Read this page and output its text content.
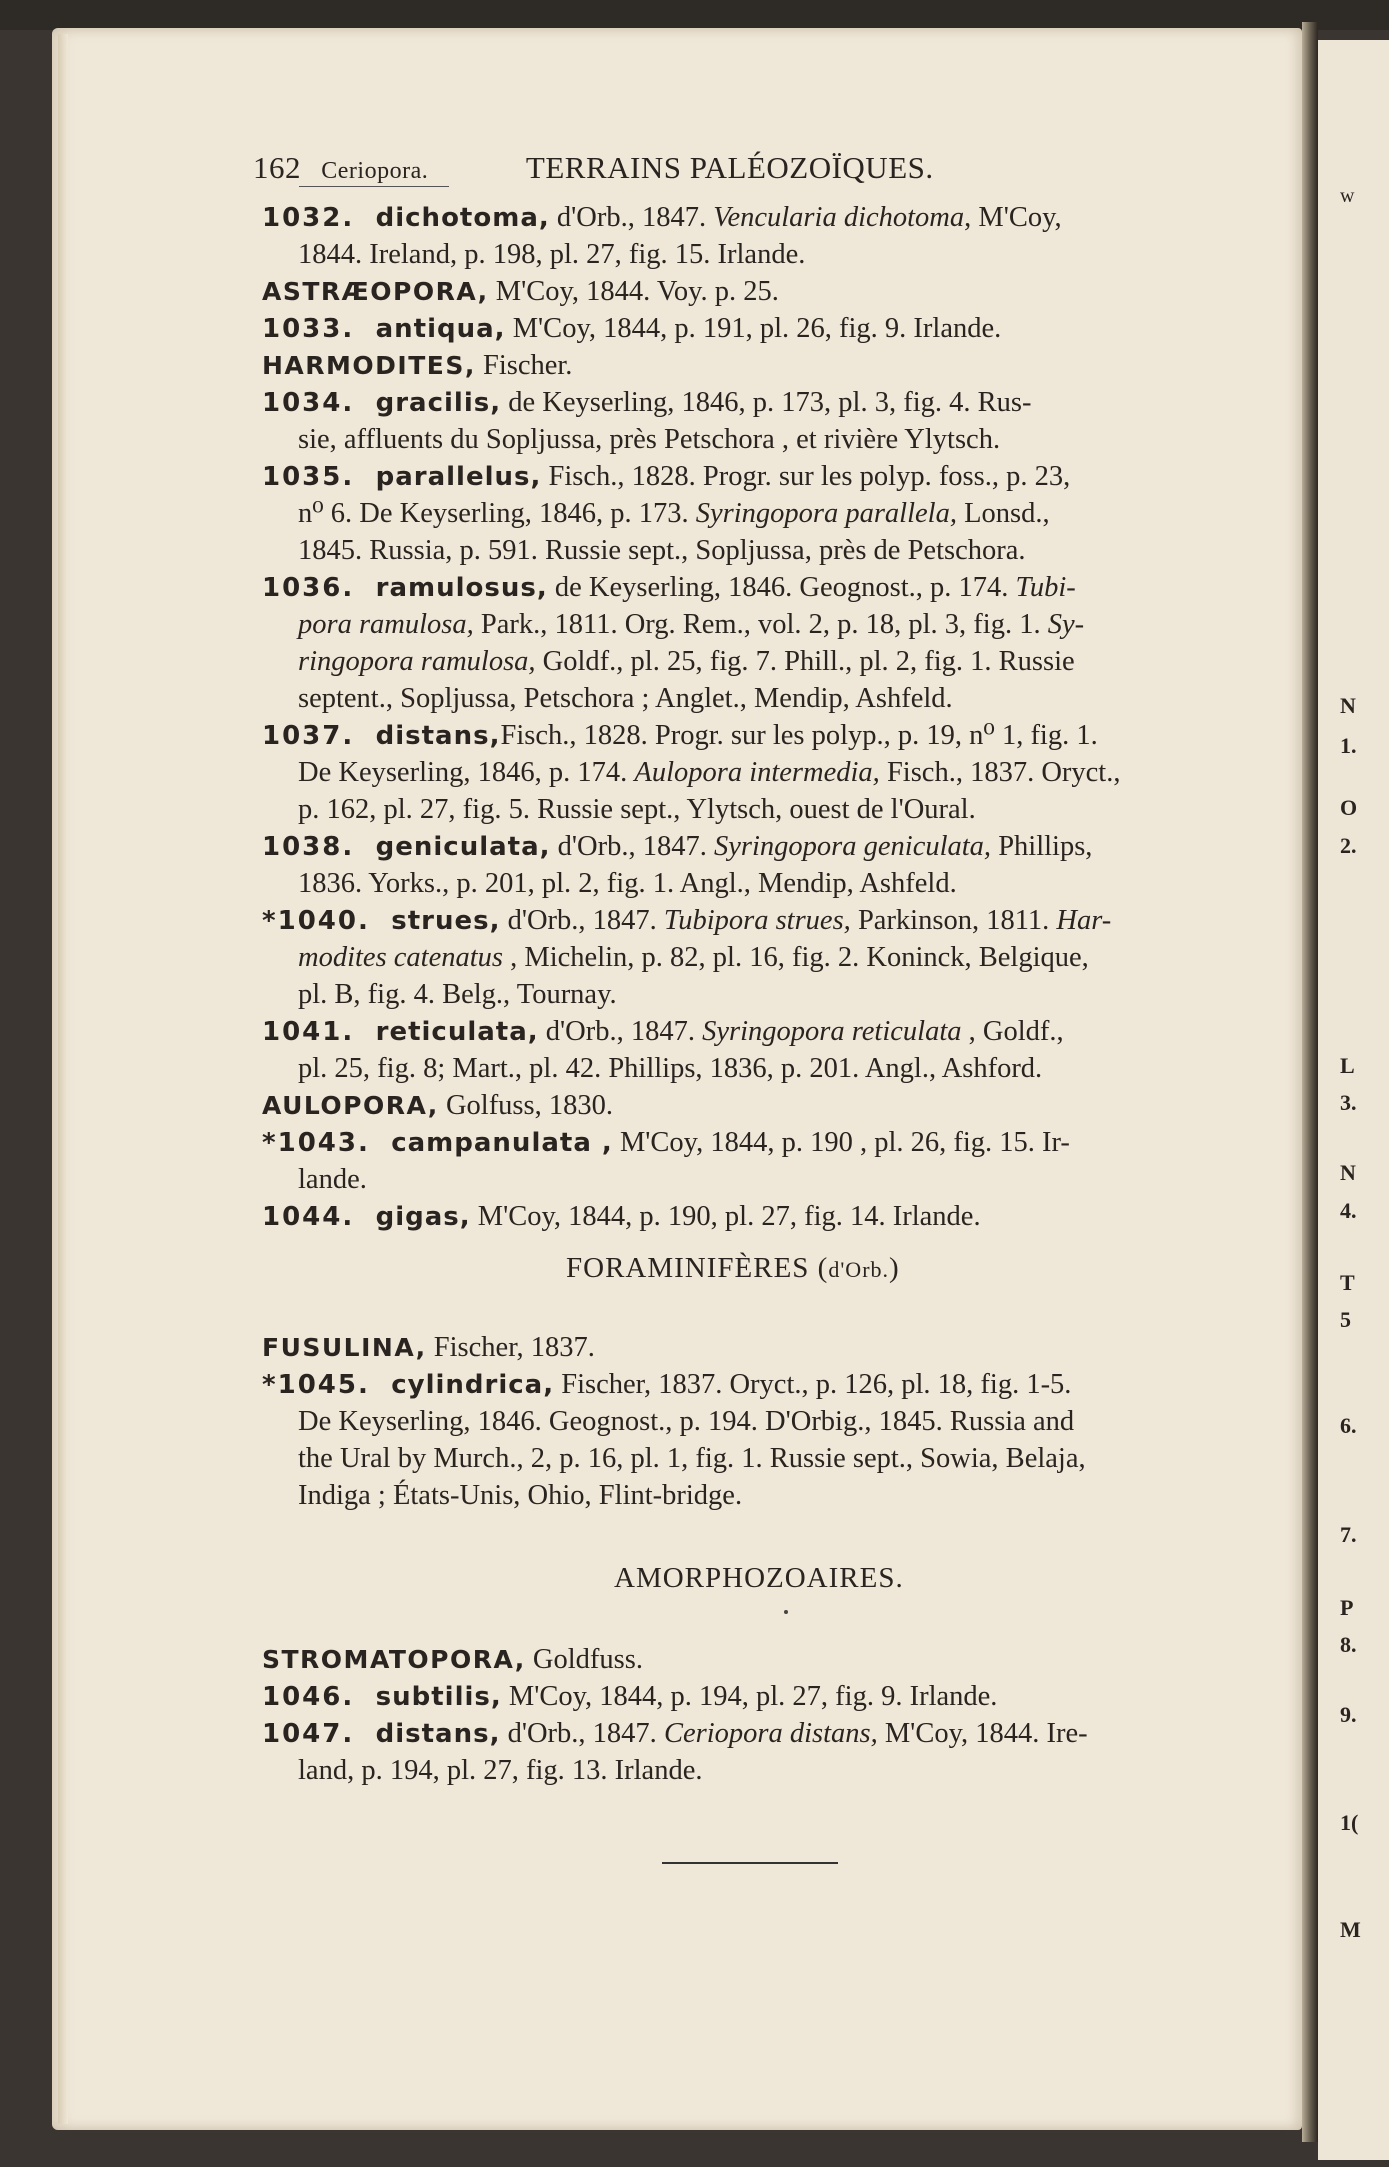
w
N
1.
O
2.
L
3.
N
4.
T
5
6.
7.
P
8.
9.
1(
M
162 Ceriopora.	TERRAINS PALÉOZOÏQUES.
1032. dichotoma, d'Orb., 1847. Vencularia dichotoma, M'Coy,
1844. Ireland, p. 198, pl. 27, fig. 15. Irlande.
ASTRÆOPORA, M'Coy, 1844. Voy. p. 25.
1033. antiqua, M'Coy, 1844, p. 191, pl. 26, fig. 9. Irlande.
HARMODITES, Fischer.
1034. gracilis, de Keyserling, 1846, p. 173, pl. 3, fig. 4. Rus-
sie, affluents du Sopljussa, près Petschora , et rivière Ylytsch.
1035. parallelus, Fisch., 1828. Progr. sur les polyp. foss., p. 23,
n⁰ 6. De Keyserling, 1846, p. 173. Syringopora parallela, Lonsd.,
1845. Russia, p. 591. Russie sept., Sopljussa, près de Petschora.
1036. ramulosus, de Keyserling, 1846. Geognost., p. 174. Tubi-
pora ramulosa, Park., 1811. Org. Rem., vol. 2, p. 18, pl. 3, fig. 1. Sy-
ringopora ramulosa, Goldf., pl. 25, fig. 7. Phill., pl. 2, fig. 1. Russie
septent., Sopljussa, Petschora ; Anglet., Mendip, Ashfeld.
1037. distans,Fisch., 1828. Progr. sur les polyp., p. 19, n⁰ 1, fig. 1.
De Keyserling, 1846, p. 174. Aulopora intermedia, Fisch., 1837. Oryct.,
p. 162, pl. 27, fig. 5. Russie sept., Ylytsch, ouest de l'Oural.
1038. geniculata, d'Orb., 1847. Syringopora geniculata, Phillips,
1836. Yorks., p. 201, pl. 2, fig. 1. Angl., Mendip, Ashfeld.
*1040. strues, d'Orb., 1847. Tubipora strues, Parkinson, 1811. Har-
modites catenatus , Michelin, p. 82, pl. 16, fig. 2. Koninck, Belgique,
pl. B, fig. 4. Belg., Tournay.
1041. reticulata, d'Orb., 1847. Syringopora reticulata , Goldf.,
pl. 25, fig. 8; Mart., pl. 42. Phillips, 1836, p. 201. Angl., Ashford.
AULOPORA, Golfuss, 1830.
*1043. campanulata , M'Coy, 1844, p. 190 , pl. 26, fig. 15. Ir-
lande.
1044. gigas, M'Coy, 1844, p. 190, pl. 27, fig. 14. Irlande.
FORAMINIFÈRES (d'Orb.)
FUSULINA, Fischer, 1837.
*1045. cylindrica, Fischer, 1837. Oryct., p. 126, pl. 18, fig. 1-5.
De Keyserling, 1846. Geognost., p. 194. D'Orbig., 1845. Russia and
the Ural by Murch., 2, p. 16, pl. 1, fig. 1. Russie sept., Sowia, Belaja,
Indiga ; États-Unis, Ohio, Flint-bridge.
AMORPHOZOAIRES.
STROMATOPORA, Goldfuss.
1046. subtilis, M'Coy, 1844, p. 194, pl. 27, fig. 9. Irlande.
1047. distans, d'Orb., 1847. Ceriopora distans, M'Coy, 1844. Ire-
land, p. 194, pl. 27, fig. 13. Irlande.
